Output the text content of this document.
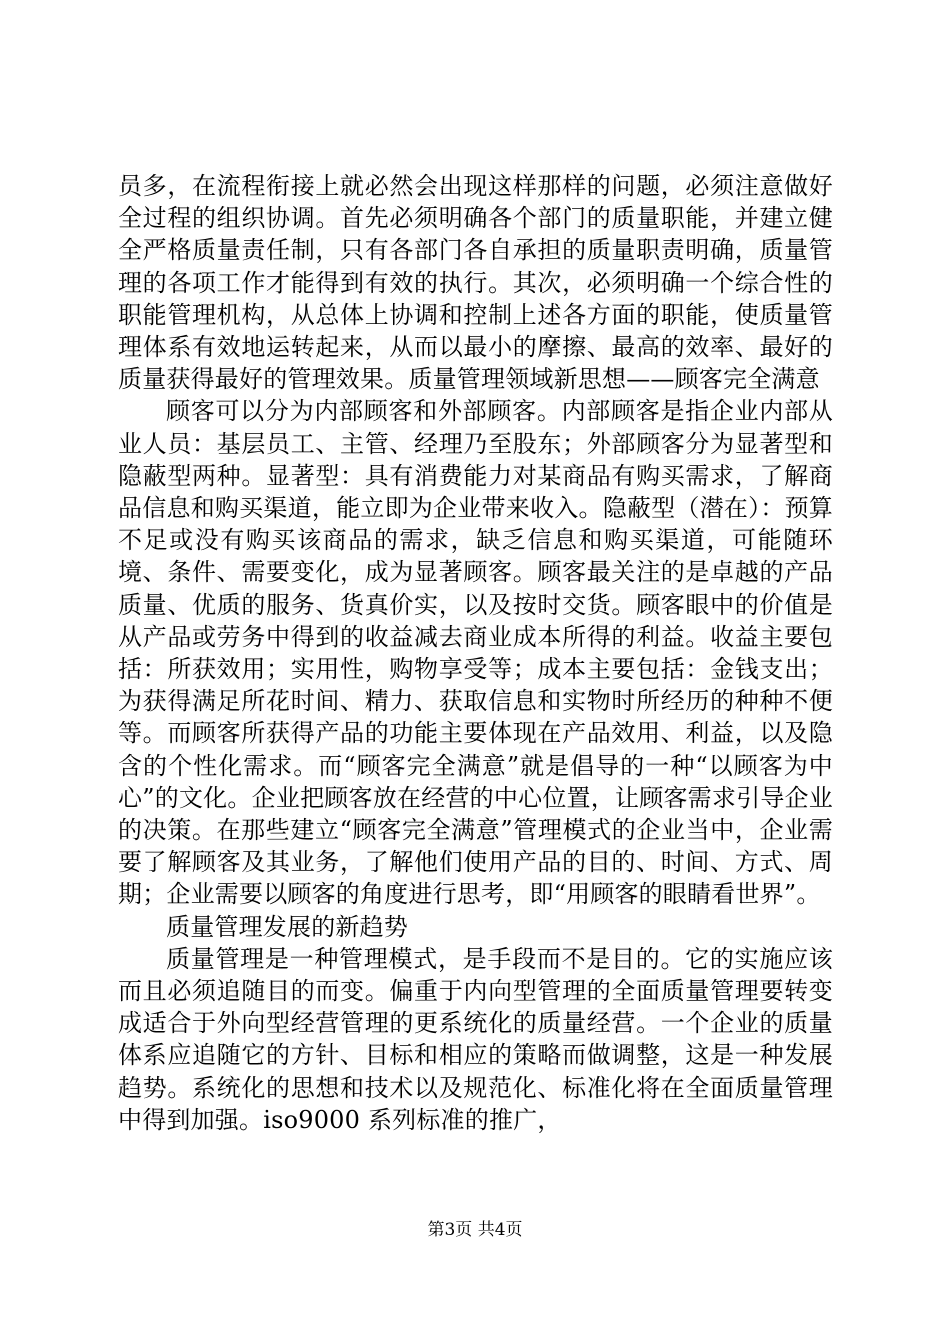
员多，在流程衔接上就必然会出现这样那样的问题，必须注意做好全过程的组织协调。首先必须明确各个部门的质量职能，并建立健全严格质量责任制，只有各部门各自承担的质量职责明确，质量管理的各项工作才能得到有效的执行。其次，必须明确一个综合性的职能管理机构，从总体上协调和控制上述各方面的职能，使质量管理体系有效地运转起来，从而以最小的摩擦、最高的效率、最好的质量获得最好的管理效果。质量管理领域新思想——顾客完全满意

顾客可以分为内部顾客和外部顾客。内部顾客是指企业内部从业人员：基层员工、主管、经理乃至股东；外部顾客分为显著型和隐蔽型两种。显著型：具有消费能力对某商品有购买需求，了解商品信息和购买渠道，能立即为企业带来收入。隐蔽型（潜在）：预算不足或没有购买该商品的需求，缺乏信息和购买渠道，可能随环境、条件、需要变化，成为显著顾客。顾客最关注的是卓越的产品质量、优质的服务、货真价实，以及按时交货。顾客眼中的价值是从产品或劳务中得到的收益减去商业成本所得的利益。收益主要包括：所获效用；实用性，购物享受等；成本主要包括：金钱支出；为获得满足所花时间、精力、获取信息和实物时所经历的种种不便等。而顾客所获得产品的功能主要体现在产品效用、利益，以及隐含的个性化需求。而“顾客完全满意”就是倡导的一种“以顾客为中心”的文化。企业把顾客放在经营的中心位置，让顾客需求引导企业的决策。在那些建立“顾客完全满意”管理模式的企业当中，企业需要了解顾客及其业务，了解他们使用产品的目的、时间、方式、周期；企业需要以顾客的角度进行思考，即“用顾客的眼睛看世界”。

质量管理发展的新趋势

质量管理是一种管理模式，是手段而不是目的。它的实施应该而且必须追随目的而变。偏重于内向型管理的全面质量管理要转变成适合于外向型经营管理的更系统化的质量经营。一个企业的质量体系应追随它的方针、目标和相应的策略而做调整，这是一种发展趋势。系统化的思想和技术以及规范化、标准化将在全面质量管理中得到加强。iso9000 系列标准的推广，

第3页 共4页
